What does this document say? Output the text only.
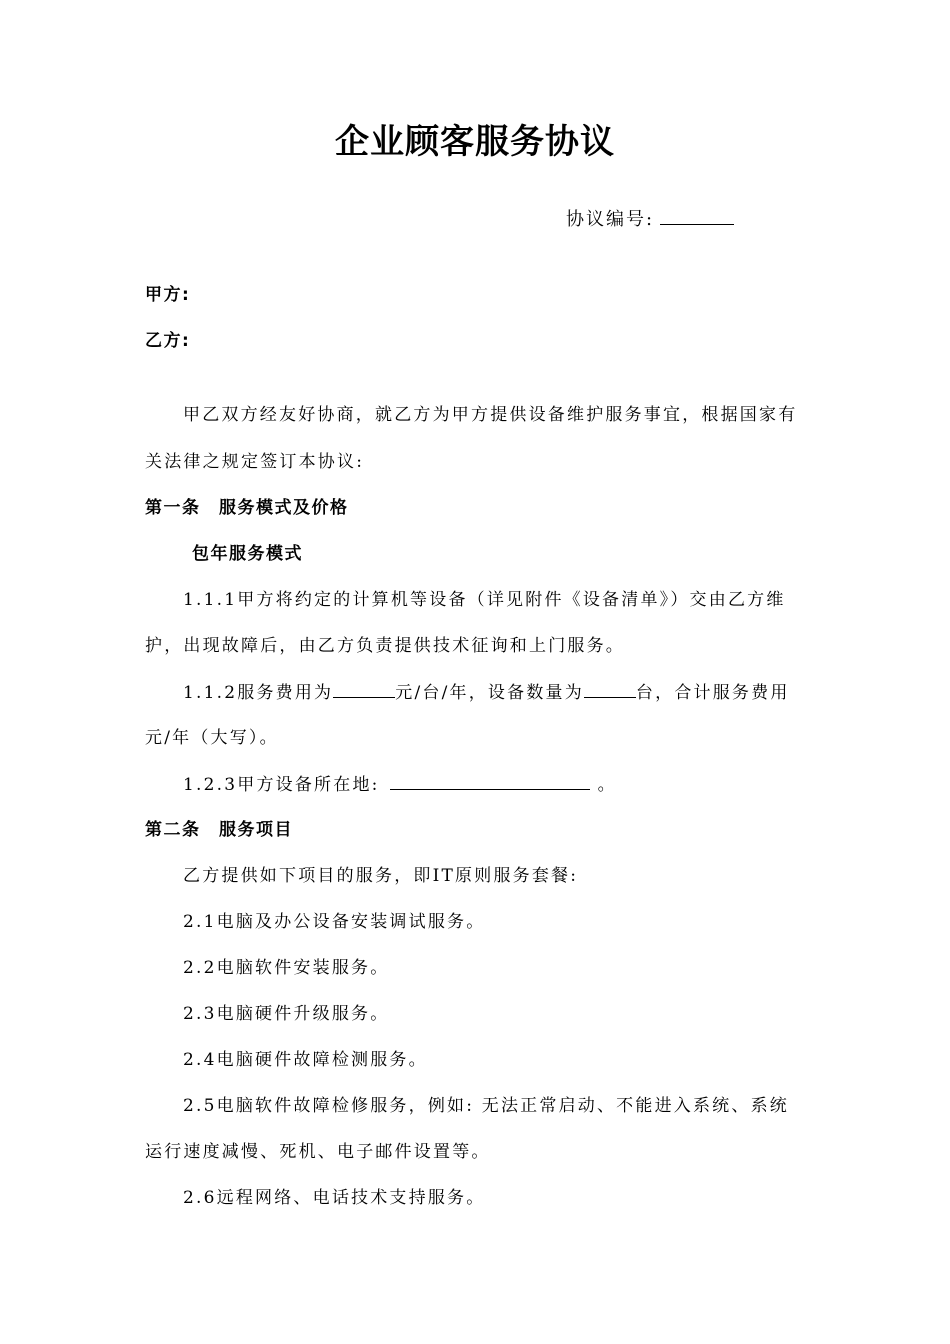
企业顾客服务协议
协议编号:
甲方:
乙方:
甲乙双方经友好协商，就乙方为甲方提供设备维护服务事宜，根据国家有
关法律之规定签订本协议:
第一条　服务模式及价格
包年服务模式
1.1.1甲方将约定的计算机等设备（详见附件《设备清单》）交由乙方维
护，出现故障后，由乙方负责提供技术征询和上门服务。
1.1.2服务费用为	元/台/年，设备数量为	台，合计服务费用
元/年（大写）。
1.2.3甲方设备所在地:	。
第二条　服务项目
乙方提供如下项目的服务，即IT原则服务套餐:
2.1电脑及办公设备安装调试服务。
2.2电脑软件安装服务。
2.3电脑硬件升级服务。
2.4电脑硬件故障检测服务。
2.5电脑软件故障检修服务，例如: 无法正常启动、不能进入系统、系统
运行速度减慢、死机、电子邮件设置等。
2.6远程网络、电话技术支持服务。
